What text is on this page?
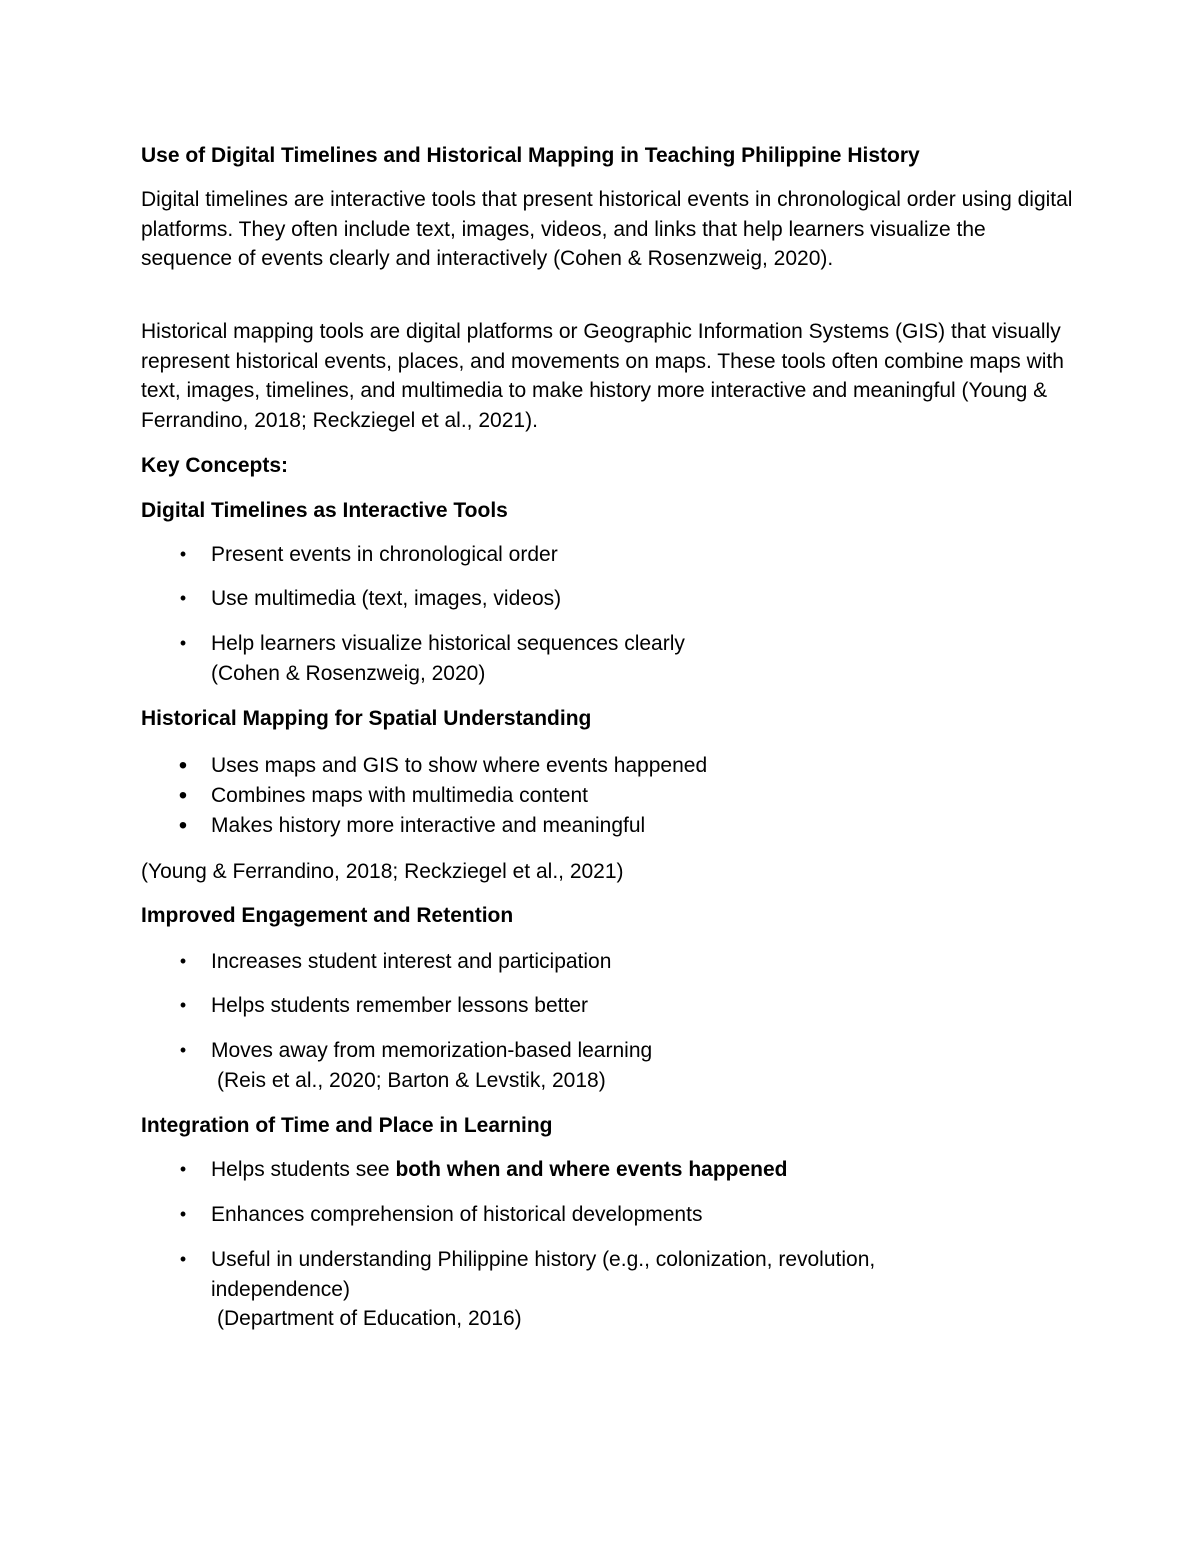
Use of Digital Timelines and Historical Mapping in Teaching Philippine History

Digital timelines are interactive tools that present historical events in chronological order using digital platforms. They often include text, images, videos, and links that help learners visualize the sequence of events clearly and interactively (Cohen & Rosenzweig, 2020).

Historical mapping tools are digital platforms or Geographic Information Systems (GIS) that visually represent historical events, places, and movements on maps. These tools often combine maps with text, images, timelines, and multimedia to make history more interactive and meaningful (Young & Ferrandino, 2018; Reckziegel et al., 2021).

Key Concepts:
Digital Timelines as Interactive Tools
• Present events in chronological order
• Use multimedia (text, images, videos)
• Help learners visualize historical sequences clearly
(Cohen & Rosenzweig, 2020)
Historical Mapping for Spatial Understanding
• Uses maps and GIS to show where events happened
• Combines maps with multimedia content
• Makes history more interactive and meaningful
(Young & Ferrandino, 2018; Reckziegel et al., 2021)
Improved Engagement and Retention
• Increases student interest and participation
• Helps students remember lessons better
• Moves away from memorization-based learning
(Reis et al., 2020; Barton & Levstik, 2018)
Integration of Time and Place in Learning
• Helps students see both when and where events happened
• Enhances comprehension of historical developments
• Useful in understanding Philippine history (e.g., colonization, revolution,
independence)
(Department of Education, 2016)
